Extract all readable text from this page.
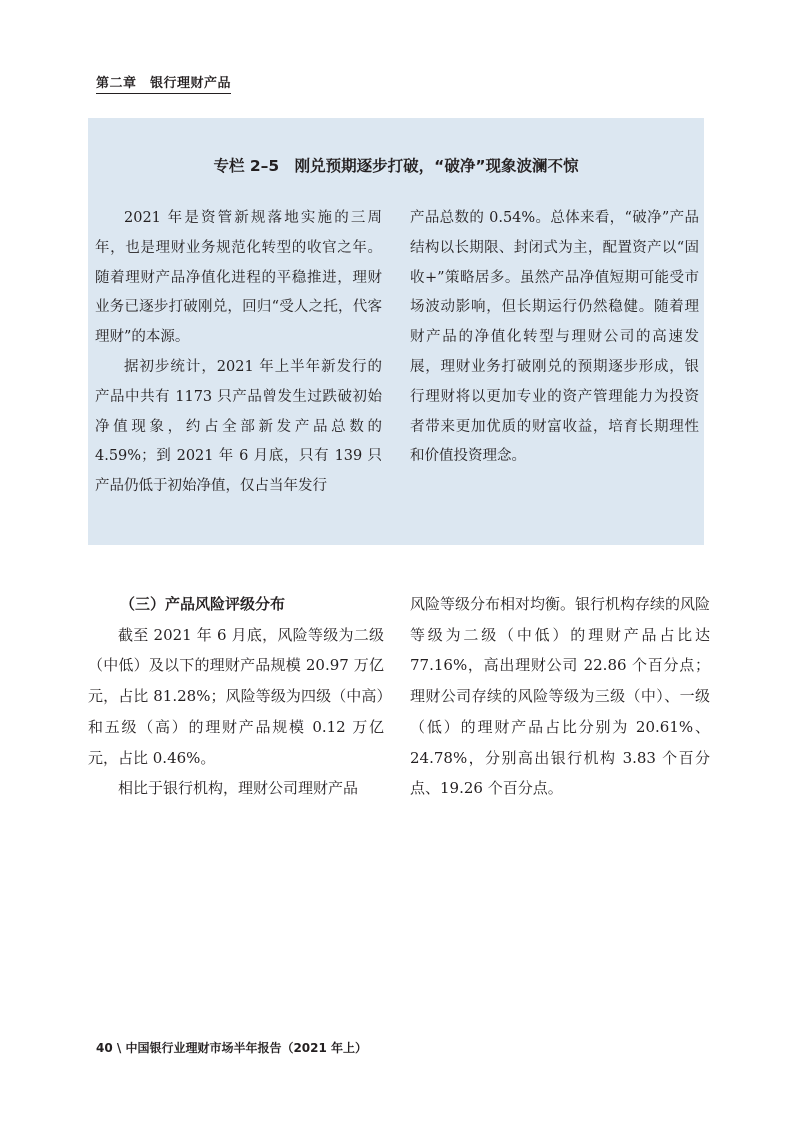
第二章　银行理财产品
专栏 2–5　刚兑预期逐步打破，“破净”现象波澜不惊

2021 年是资管新规落地实施的三周年，也是理财业务规范化转型的收官之年。随着理财产品净值化进程的平稳推进，理财业务已逐步打破刚兑，回归“受人之托，代客理财”的本源。

据初步统计，2021 年上半年新发行的产品中共有 1173 只产品曾发生过跌破初始净值现象，约占全部新发产品总数的 4.59%；到 2021 年 6 月底，只有 139 只产品仍低于初始净值，仅占当年发行

产品总数的 0.54%。总体来看，“破净”产品结构以长期限、封闭式为主，配置资产以“固收+”策略居多。虽然产品净值短期可能受市场波动影响，但长期运行仍然稳健。随着理财产品的净值化转型与理财公司的高速发展，理财业务打破刚兑的预期逐步形成，银行理财将以更加专业的资产管理能力为投资者带来更加优质的财富收益，培育长期理性和价值投资理念。

（三）产品风险评级分布

截至 2021 年 6 月底，风险等级为二级（中低）及以下的理财产品规模 20.97 万亿元，占比 81.28%；风险等级为四级（中高）和五级（高）的理财产品规模 0.12 万亿元，占比 0.46%。

相比于银行机构，理财公司理财产品

风险等级分布相对均衡。银行机构存续的风险等级为二级（中低）的理财产品占比达 77.16%，高出理财公司 22.86 个百分点；理财公司存续的风险等级为三级（中）、一级（低）的理财产品占比分别为 20.61%、24.78%，分别高出银行机构 3.83 个百分点、19.26 个百分点。

40 \ 中国银行业理财市场半年报告（2021 年上）
